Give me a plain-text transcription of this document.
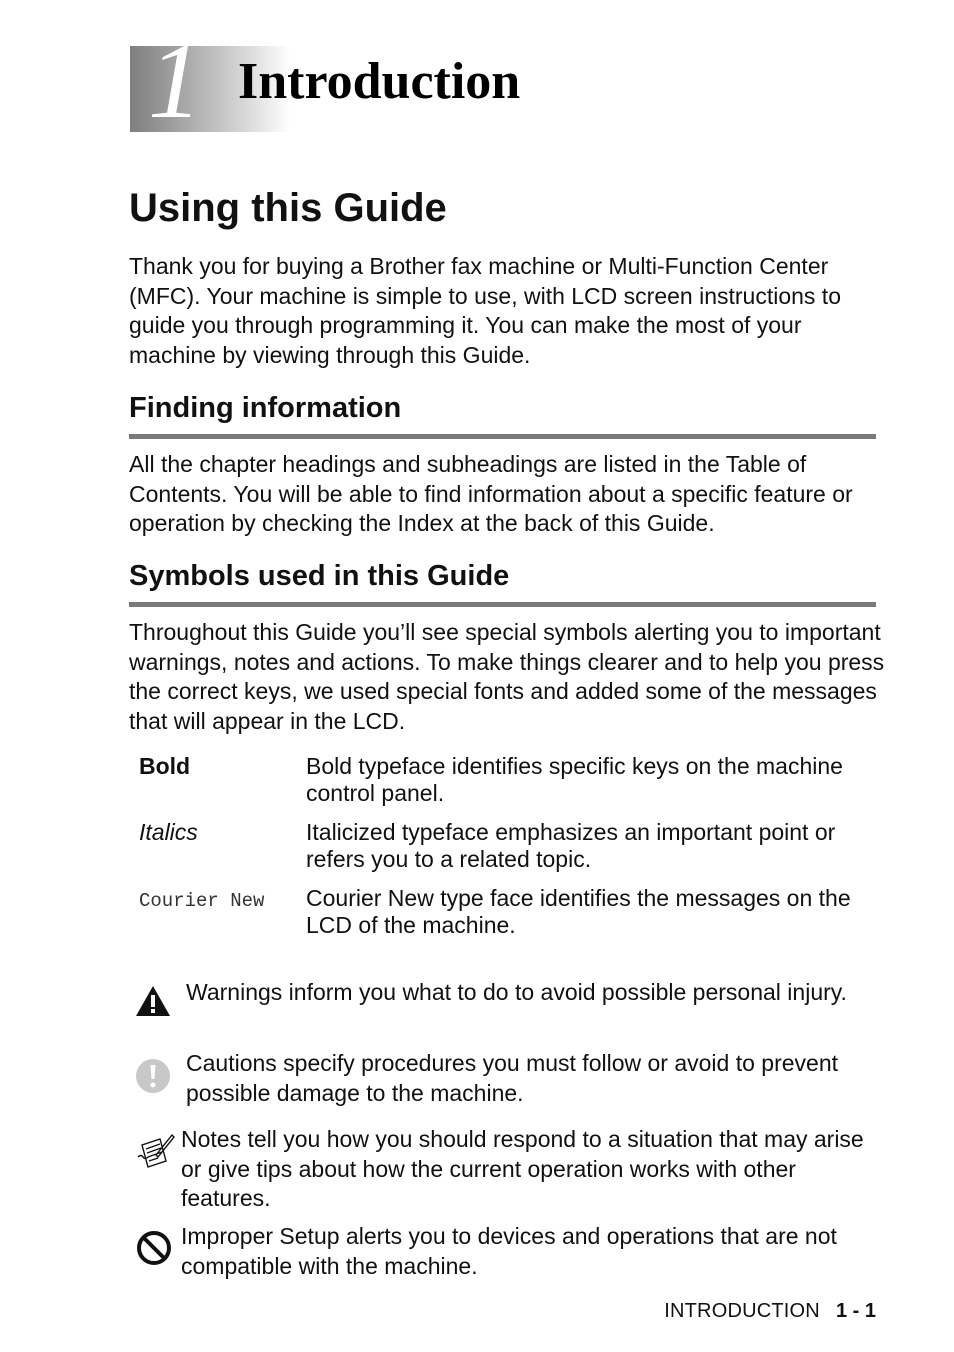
1 Introduction
Using this Guide

Thank you for buying a Brother fax machine or Multi-Function Center (MFC). Your machine is simple to use, with LCD screen instructions to guide you through programming it. You can make the most of your machine by viewing through this Guide.

Finding information

All the chapter headings and subheadings are listed in the Table of Contents. You will be able to find information about a specific feature or operation by checking the Index at the back of this Guide.

Symbols used in this Guide

Throughout this Guide you’ll see special symbols alerting you to important warnings, notes and actions. To make things clearer and to help you press the correct keys, we used special fonts and added some of the messages that will appear in the LCD.

Bold	Bold typeface identifies specific keys on the machine control panel.
Italics	Italicized typeface emphasizes an important point or refers you to a related topic.
Courier New Courier New type face identifies the messages on the LCD of the machine.
Warnings inform you what to do to avoid possible personal injury.
Cautions specify procedures you must follow or avoid to prevent possible damage to the machine.
Notes tell you how you should respond to a situation that may arise or give tips about how the current operation works with other features.
Improper Setup alerts you to devices and operations that are not compatible with the machine.
INTRODUCTION 1 - 1
